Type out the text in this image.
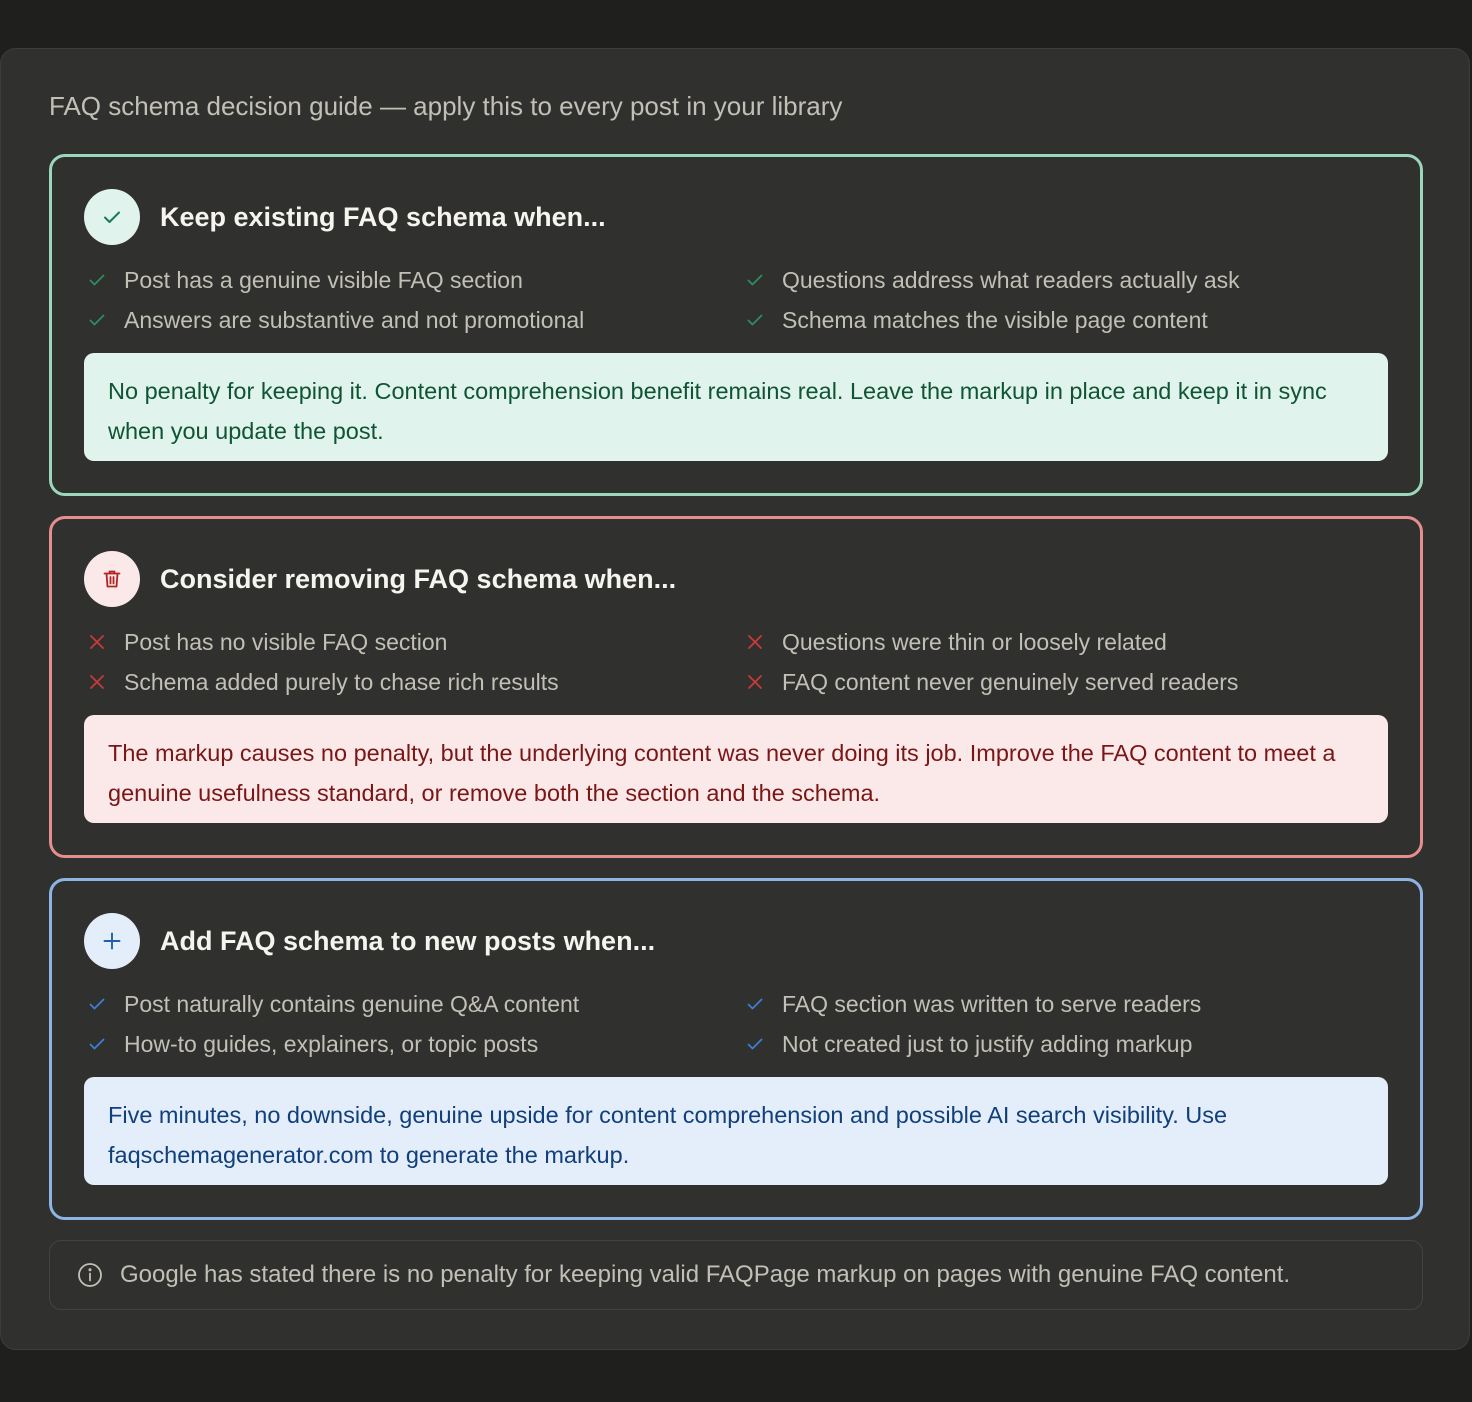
FAQ schema decision guide — apply this to every post in your library
Keep existing FAQ schema when...
Post has a genuine visible FAQ section	Questions address what readers actually ask
Answers are substantive and not promotional	Schema matches the visible page content
No penalty for keeping it. Content comprehension benefit remains real. Leave the markup in place and keep it in sync when you update the post.
Consider removing FAQ schema when...
Post has no visible FAQ section	Questions were thin or loosely related
Schema added purely to chase rich results	FAQ content never genuinely served readers
The markup causes no penalty, but the underlying content was never doing its job. Improve the FAQ content to meet a genuine usefulness standard, or remove both the section and the schema.
Add FAQ schema to new posts when...
Post naturally contains genuine Q&A content	FAQ section was written to serve readers
How-to guides, explainers, or topic posts	Not created just to justify adding markup
Five minutes, no downside, genuine upside for content comprehension and possible AI search visibility. Use faqschemagenerator.com to generate the markup.
Google has stated there is no penalty for keeping valid FAQPage markup on pages with genuine FAQ content.
